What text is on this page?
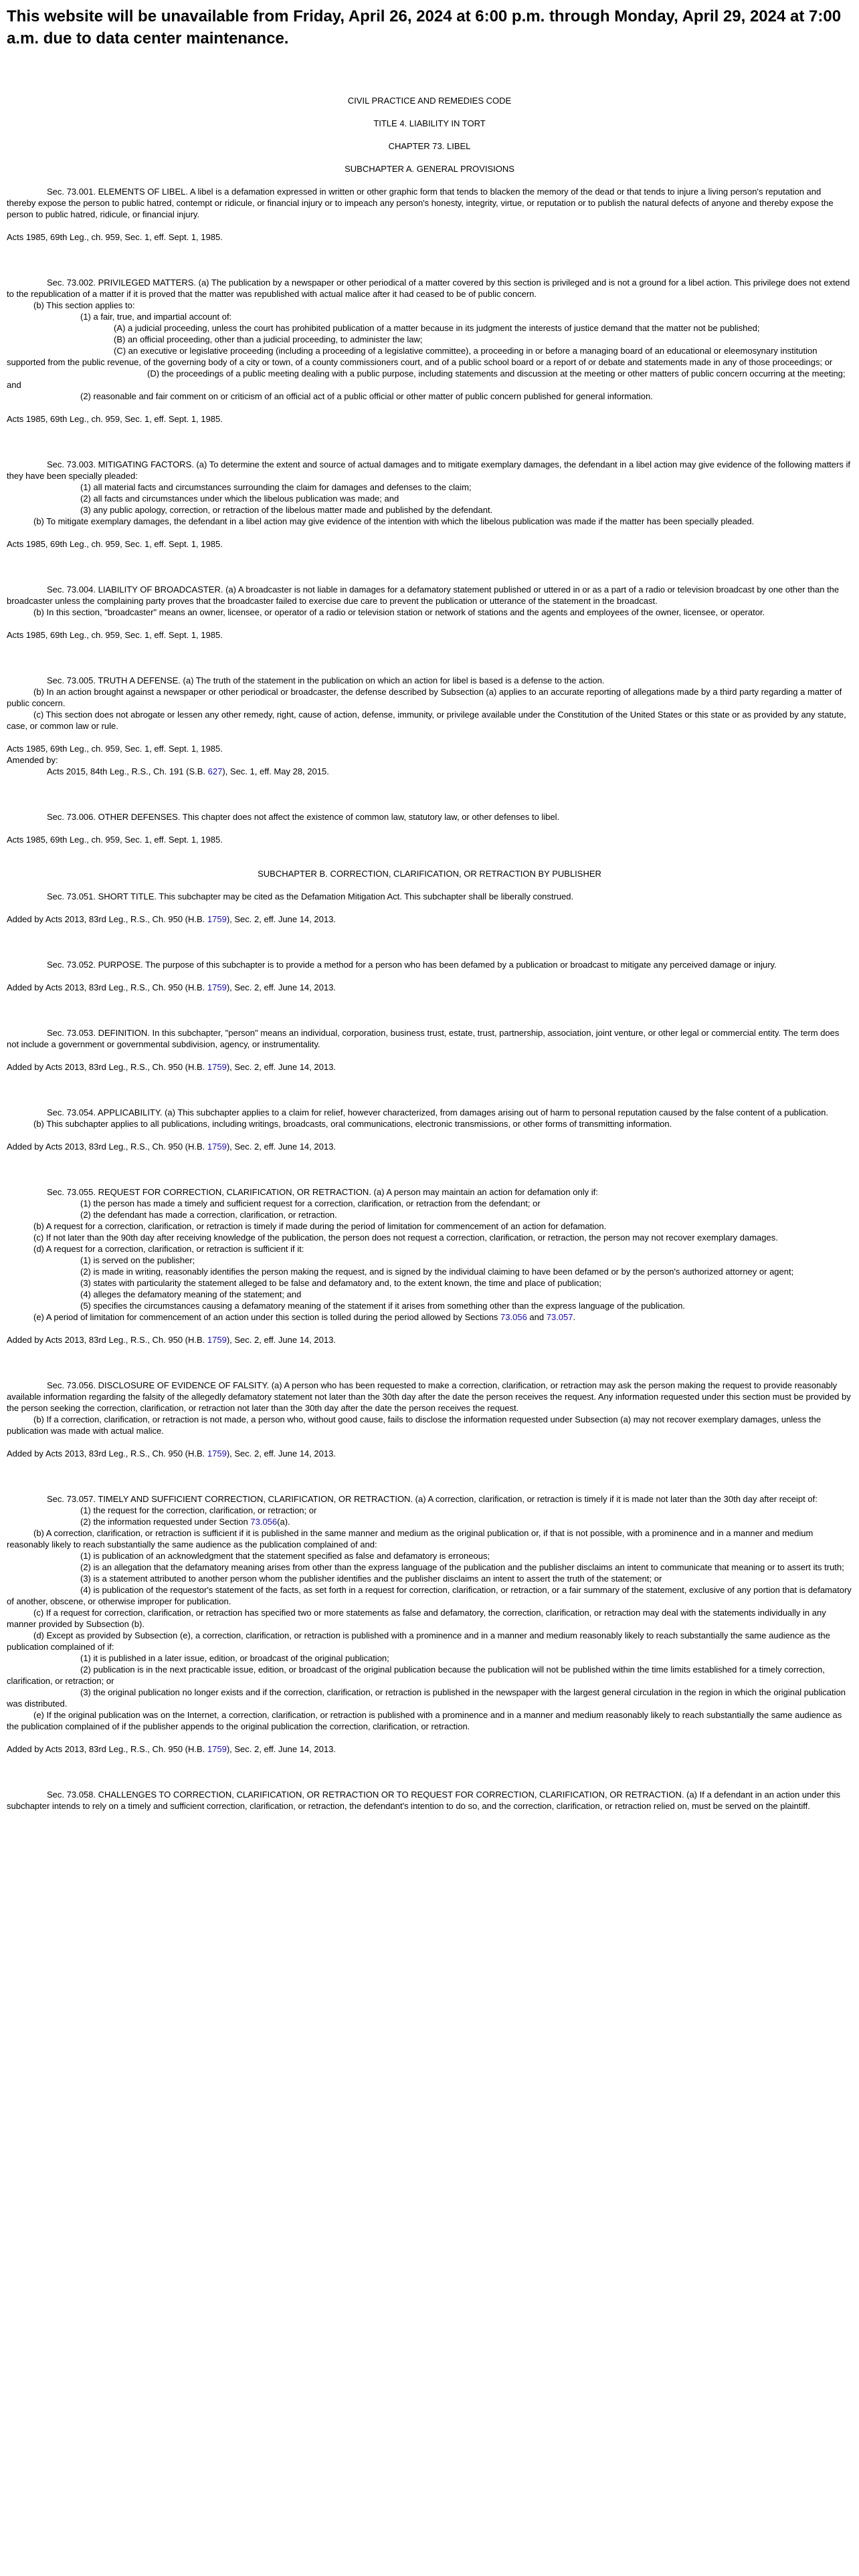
This website will be unavailable from Friday, April 26, 2024 at 6:00 p.m. through Monday, April 29, 2024 at 7:00 a.m. due to data center maintenance.

CIVIL PRACTICE AND REMEDIES CODE

TITLE 4. LIABILITY IN TORT

CHAPTER 73. LIBEL

SUBCHAPTER A. GENERAL PROVISIONS

Sec. 73.001. ELEMENTS OF LIBEL. A libel is a defamation expressed in written or other graphic form that tends to blacken the memory of the dead or that tends to injure a living person's reputation and thereby expose the person to public hatred, contempt or ridicule, or financial injury or to impeach any person's honesty, integrity, virtue, or reputation or to publish the natural defects of anyone and thereby expose the person to public hatred, ridicule, or financial injury.

Acts 1985, 69th Leg., ch. 959, Sec. 1, eff. Sept. 1, 1985.

Sec. 73.002. PRIVILEGED MATTERS. (a) The publication by a newspaper or other periodical of a matter covered by this section is privileged and is not a ground for a libel action. This privilege does not extend to the republication of a matter if it is proved that the matter was republished with actual malice after it had ceased to be of public concern.

(b) This section applies to:

(1) a fair, true, and impartial account of:

(A) a judicial proceeding, unless the court has prohibited publication of a matter because in its judgment the interests of justice demand that the matter not be published;

(B) an official proceeding, other than a judicial proceeding, to administer the law;

(C) an executive or legislative proceeding (including a proceeding of a legislative committee), a proceeding in or before a managing board of an educational or eleemosynary institution supported from the public revenue, of the governing body of a city or town, of a county commissioners court, and of a public school board or a report of or debate and statements made in any of those proceedings; or

(D) the proceedings of a public meeting dealing with a public purpose, including statements and discussion at the meeting or other matters of public concern occurring at the meeting; and

(2) reasonable and fair comment on or criticism of an official act of a public official or other matter of public concern published for general information.

Acts 1985, 69th Leg., ch. 959, Sec. 1, eff. Sept. 1, 1985.

Sec. 73.003. MITIGATING FACTORS. (a) To determine the extent and source of actual damages and to mitigate exemplary damages, the defendant in a libel action may give evidence of the following matters if they have been specially pleaded:

(1) all material facts and circumstances surrounding the claim for damages and defenses to the claim;

(2) all facts and circumstances under which the libelous publication was made; and

(3) any public apology, correction, or retraction of the libelous matter made and published by the defendant.

(b) To mitigate exemplary damages, the defendant in a libel action may give evidence of the intention with which the libelous publication was made if the matter has been specially pleaded.

Acts 1985, 69th Leg., ch. 959, Sec. 1, eff. Sept. 1, 1985.

Sec. 73.004. LIABILITY OF BROADCASTER. (a) A broadcaster is not liable in damages for a defamatory statement published or uttered in or as a part of a radio or television broadcast by one other than the broadcaster unless the complaining party proves that the broadcaster failed to exercise due care to prevent the publication or utterance of the statement in the broadcast.

(b) In this section, "broadcaster" means an owner, licensee, or operator of a radio or television station or network of stations and the agents and employees of the owner, licensee, or operator.

Acts 1985, 69th Leg., ch. 959, Sec. 1, eff. Sept. 1, 1985.

Sec. 73.005. TRUTH A DEFENSE. (a) The truth of the statement in the publication on which an action for libel is based is a defense to the action.

(b) In an action brought against a newspaper or other periodical or broadcaster, the defense described by Subsection (a) applies to an accurate reporting of allegations made by a third party regarding a matter of public concern.

(c) This section does not abrogate or lessen any other remedy, right, cause of action, defense, immunity, or privilege available under the Constitution of the United States or this state or as provided by any statute, case, or common law or rule.

Acts 1985, 69th Leg., ch. 959, Sec. 1, eff. Sept. 1, 1985.

Amended by:

Acts 2015, 84th Leg., R.S., Ch. 191 (S.B. 627), Sec. 1, eff. May 28, 2015.

Sec. 73.006. OTHER DEFENSES. This chapter does not affect the existence of common law, statutory law, or other defenses to libel.

Acts 1985, 69th Leg., ch. 959, Sec. 1, eff. Sept. 1, 1985.

SUBCHAPTER B. CORRECTION, CLARIFICATION, OR RETRACTION BY PUBLISHER

Sec. 73.051. SHORT TITLE. This subchapter may be cited as the Defamation Mitigation Act. This subchapter shall be liberally construed.

Added by Acts 2013, 83rd Leg., R.S., Ch. 950 (H.B. 1759), Sec. 2, eff. June 14, 2013.

Sec. 73.052. PURPOSE. The purpose of this subchapter is to provide a method for a person who has been defamed by a publication or broadcast to mitigate any perceived damage or injury.

Added by Acts 2013, 83rd Leg., R.S., Ch. 950 (H.B. 1759), Sec. 2, eff. June 14, 2013.

Sec. 73.053. DEFINITION. In this subchapter, "person" means an individual, corporation, business trust, estate, trust, partnership, association, joint venture, or other legal or commercial entity. The term does not include a government or governmental subdivision, agency, or instrumentality.

Added by Acts 2013, 83rd Leg., R.S., Ch. 950 (H.B. 1759), Sec. 2, eff. June 14, 2013.

Sec. 73.054. APPLICABILITY. (a) This subchapter applies to a claim for relief, however characterized, from damages arising out of harm to personal reputation caused by the false content of a publication.

(b) This subchapter applies to all publications, including writings, broadcasts, oral communications, electronic transmissions, or other forms of transmitting information.

Added by Acts 2013, 83rd Leg., R.S., Ch. 950 (H.B. 1759), Sec. 2, eff. June 14, 2013.

Sec. 73.055. REQUEST FOR CORRECTION, CLARIFICATION, OR RETRACTION. (a) A person may maintain an action for defamation only if:

(1) the person has made a timely and sufficient request for a correction, clarification, or retraction from the defendant; or

(2) the defendant has made a correction, clarification, or retraction.

(b) A request for a correction, clarification, or retraction is timely if made during the period of limitation for commencement of an action for defamation.

(c) If not later than the 90th day after receiving knowledge of the publication, the person does not request a correction, clarification, or retraction, the person may not recover exemplary damages.

(d) A request for a correction, clarification, or retraction is sufficient if it:

(1) is served on the publisher;

(2) is made in writing, reasonably identifies the person making the request, and is signed by the individual claiming to have been defamed or by the person's authorized attorney or agent;

(3) states with particularity the statement alleged to be false and defamatory and, to the extent known, the time and place of publication;

(4) alleges the defamatory meaning of the statement; and

(5) specifies the circumstances causing a defamatory meaning of the statement if it arises from something other than the express language of the publication.

(e) A period of limitation for commencement of an action under this section is tolled during the period allowed by Sections 73.056 and 73.057.

Added by Acts 2013, 83rd Leg., R.S., Ch. 950 (H.B. 1759), Sec. 2, eff. June 14, 2013.

Sec. 73.056. DISCLOSURE OF EVIDENCE OF FALSITY. (a) A person who has been requested to make a correction, clarification, or retraction may ask the person making the request to provide reasonably available information regarding the falsity of the allegedly defamatory statement not later than the 30th day after the date the person receives the request. Any information requested under this section must be provided by the person seeking the correction, clarification, or retraction not later than the 30th day after the date the person receives the request.

(b) If a correction, clarification, or retraction is not made, a person who, without good cause, fails to disclose the information requested under Subsection (a) may not recover exemplary damages, unless the publication was made with actual malice.

Added by Acts 2013, 83rd Leg., R.S., Ch. 950 (H.B. 1759), Sec. 2, eff. June 14, 2013.

Sec. 73.057. TIMELY AND SUFFICIENT CORRECTION, CLARIFICATION, OR RETRACTION. (a) A correction, clarification, or retraction is timely if it is made not later than the 30th day after receipt of:

(1) the request for the correction, clarification, or retraction; or

(2) the information requested under Section 73.056(a).

(b) A correction, clarification, or retraction is sufficient if it is published in the same manner and medium as the original publication or, if that is not possible, with a prominence and in a manner and medium reasonably likely to reach substantially the same audience as the publication complained of and:

(1) is publication of an acknowledgment that the statement specified as false and defamatory is erroneous;

(2) is an allegation that the defamatory meaning arises from other than the express language of the publication and the publisher disclaims an intent to communicate that meaning or to assert its truth;

(3) is a statement attributed to another person whom the publisher identifies and the publisher disclaims an intent to assert the truth of the statement; or

(4) is publication of the requestor's statement of the facts, as set forth in a request for correction, clarification, or retraction, or a fair summary of the statement, exclusive of any portion that is defamatory of another, obscene, or otherwise improper for publication.

(c) If a request for correction, clarification, or retraction has specified two or more statements as false and defamatory, the correction, clarification, or retraction may deal with the statements individually in any manner provided by Subsection (b).

(d) Except as provided by Subsection (e), a correction, clarification, or retraction is published with a prominence and in a manner and medium reasonably likely to reach substantially the same audience as the publication complained of if:

(1) it is published in a later issue, edition, or broadcast of the original publication;

(2) publication is in the next practicable issue, edition, or broadcast of the original publication because the publication will not be published within the time limits established for a timely correction, clarification, or retraction; or

(3) the original publication no longer exists and if the correction, clarification, or retraction is published in the newspaper with the largest general circulation in the region in which the original publication was distributed.

(e) If the original publication was on the Internet, a correction, clarification, or retraction is published with a prominence and in a manner and medium reasonably likely to reach substantially the same audience as the publication complained of if the publisher appends to the original publication the correction, clarification, or retraction.

Added by Acts 2013, 83rd Leg., R.S., Ch. 950 (H.B. 1759), Sec. 2, eff. June 14, 2013.

Sec. 73.058. CHALLENGES TO CORRECTION, CLARIFICATION, OR RETRACTION OR TO REQUEST FOR CORRECTION, CLARIFICATION, OR RETRACTION. (a) If a defendant in an action under this subchapter intends to rely on a timely and sufficient correction, clarification, or retraction, the defendant's intention to do so, and the correction, clarification, or retraction relied on, must be served on the plaintiff.
